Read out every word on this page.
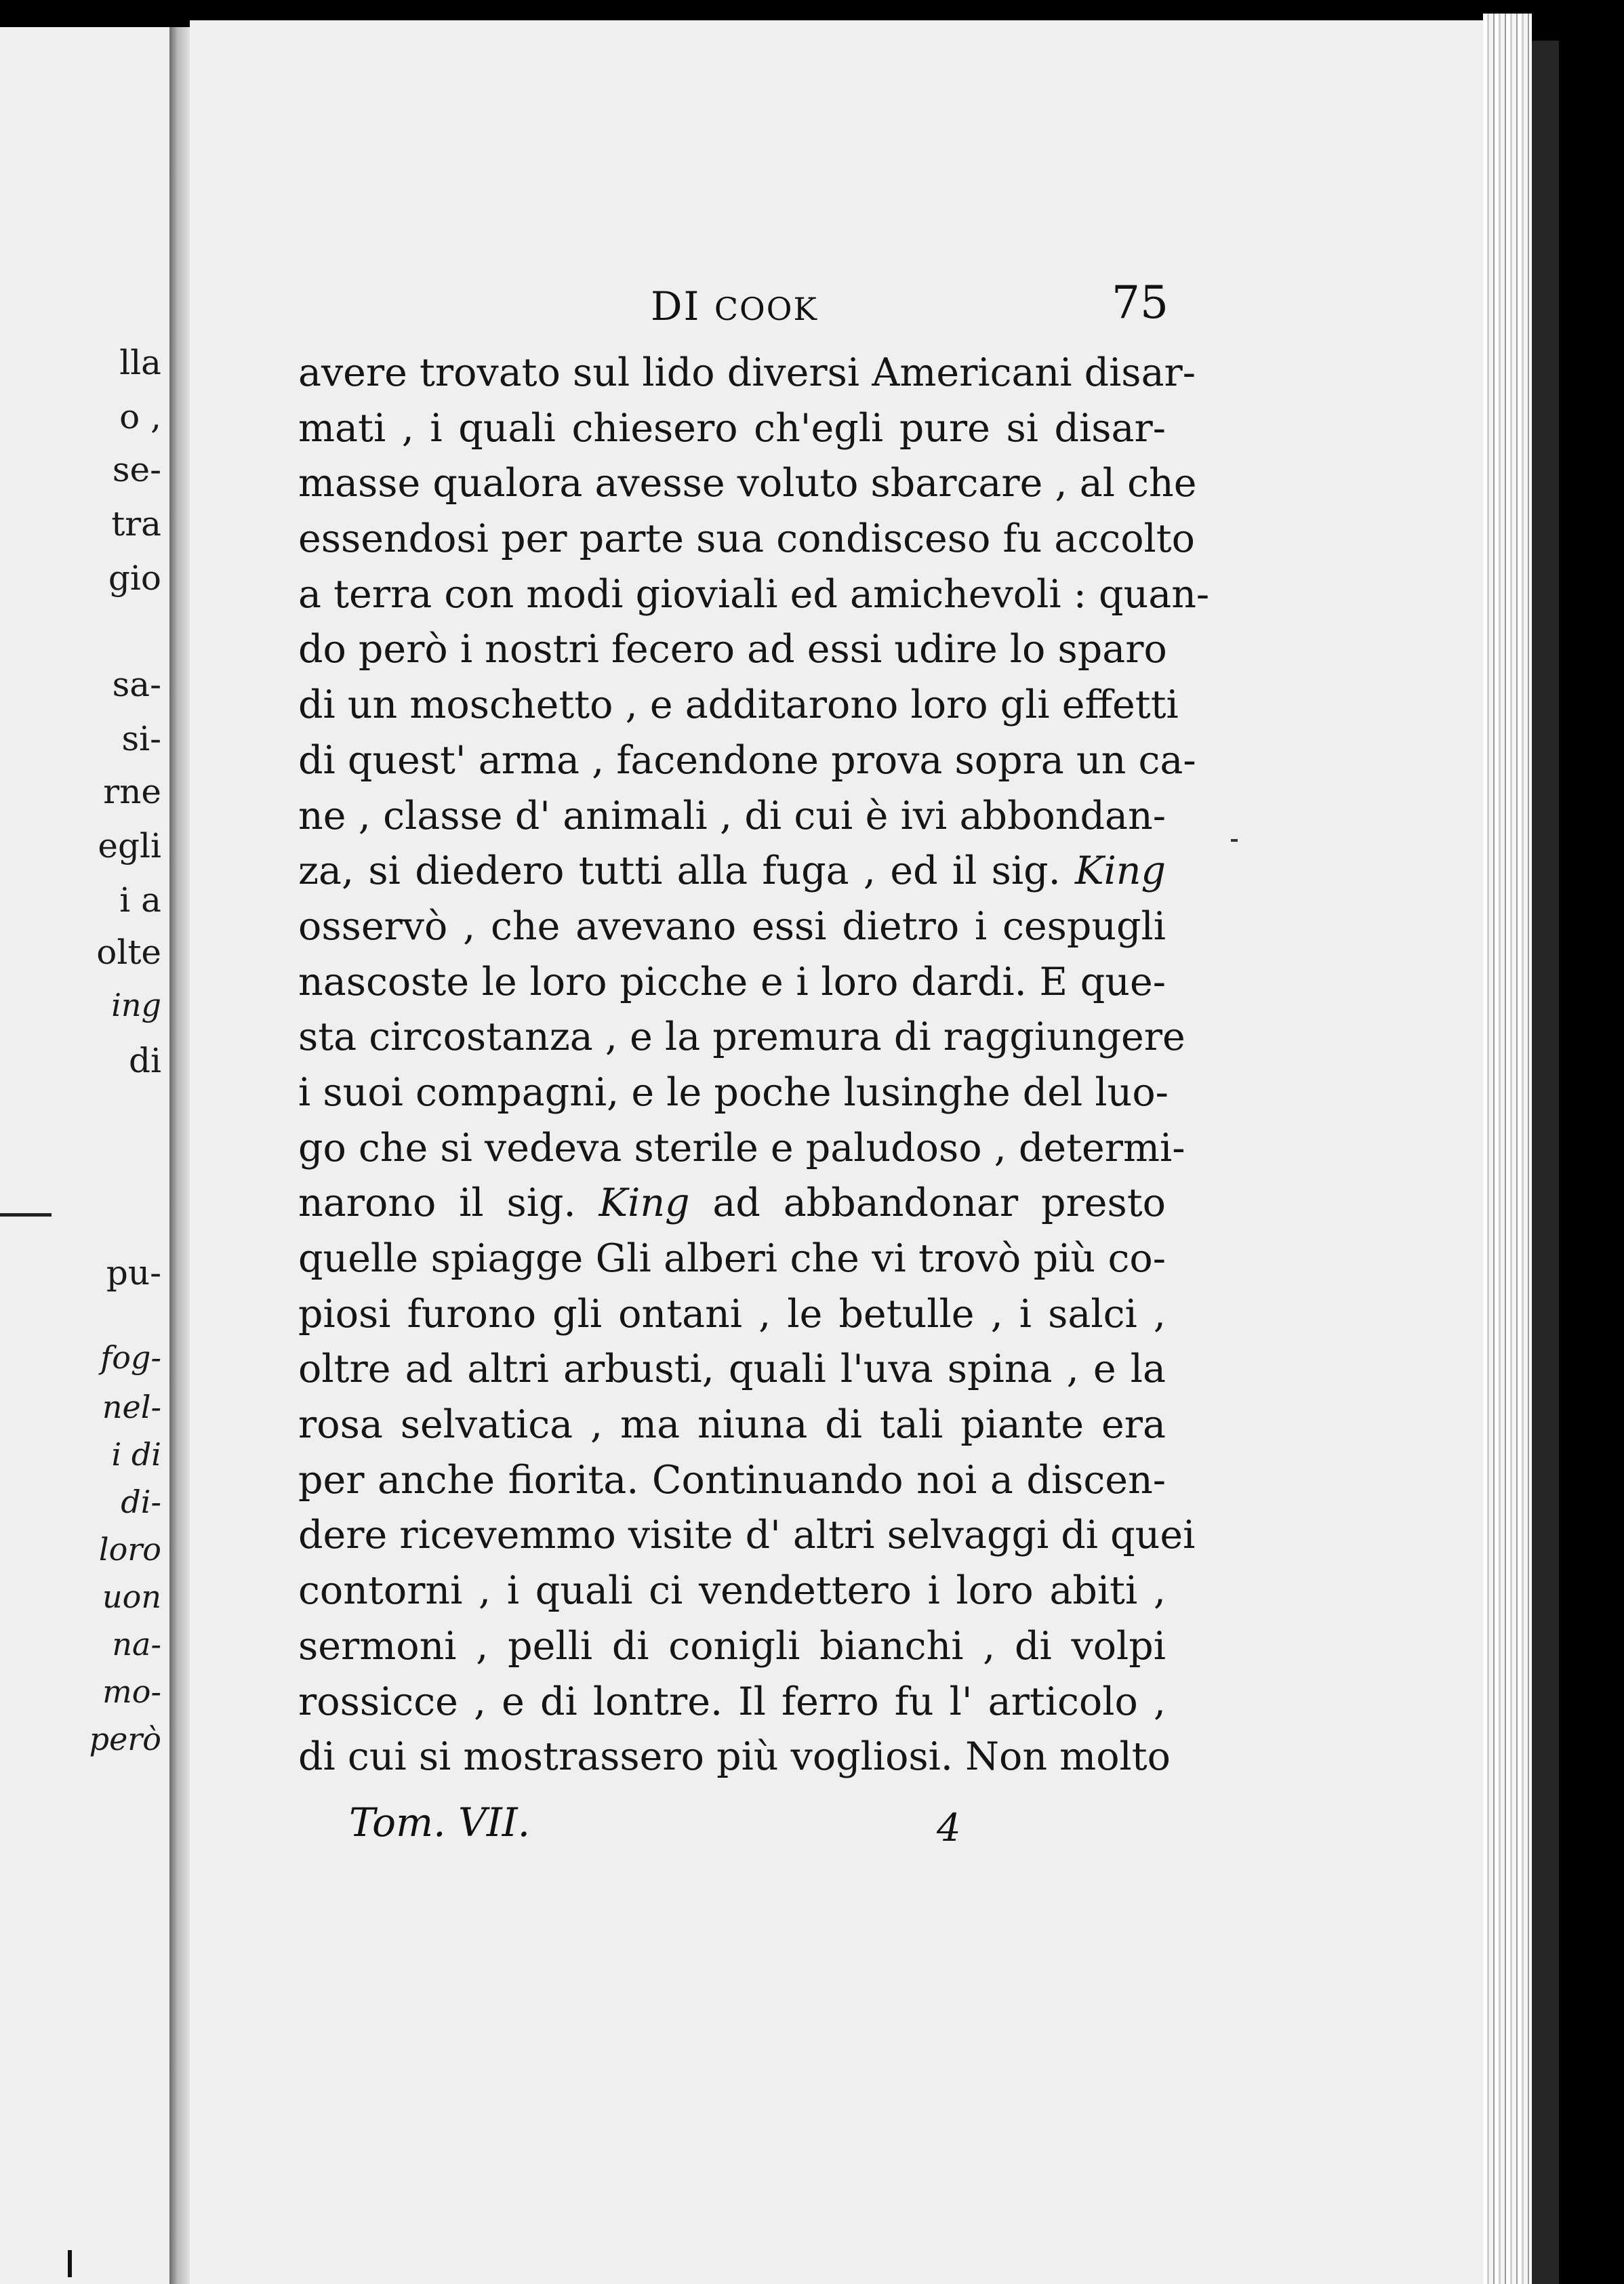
lla
o ,
se-
tra
gio
sa-
si-
rne
egli
i a
olte
ing
di
pu-
fog-
nel-
i di
di-
loro
uon
na-
mo-
però
DI COOK	75
avere trovato sul lido diversi Americani disar-
mati , i quali chiesero ch'egli pure si disar-
masse qualora avesse voluto sbarcare , al che
essendosi per parte sua condisceso fu accolto
a terra con modi gioviali ed amichevoli : quan-
do però i nostri fecero ad essi udire lo sparo
di un moschetto , e additarono loro gli effetti
di quest' arma , facendone prova sopra un ca-
ne , classe d' animali , di cui è ivi abbondan-
za, si diedero tutti alla fuga , ed il sig. King
osservò , che avevano essi dietro i cespugli
nascoste le loro picche e i loro dardi. E que-
sta circostanza , e la premura di raggiungere
i suoi compagni, e le poche lusinghe del luo-
go che si vedeva sterile e paludoso , determi-
narono il sig. King ad abbandonar presto
quelle spiagge Gli alberi che vi trovò più co-
piosi furono gli ontani , le betulle , i salci ,
oltre ad altri arbusti, quali l'uva spina , e la
rosa selvatica , ma niuna di tali piante era
per anche fiorita. Continuando noi a discen-
dere ricevemmo visite d' altri selvaggi di quei
contorni , i quali ci vendettero i loro abiti ,
sermoni , pelli di conigli bianchi , di volpi
rossicce , e di lontre. Il ferro fu l' articolo ,
di cui si mostrassero più vogliosi. Non molto
Tom. VII.	4
